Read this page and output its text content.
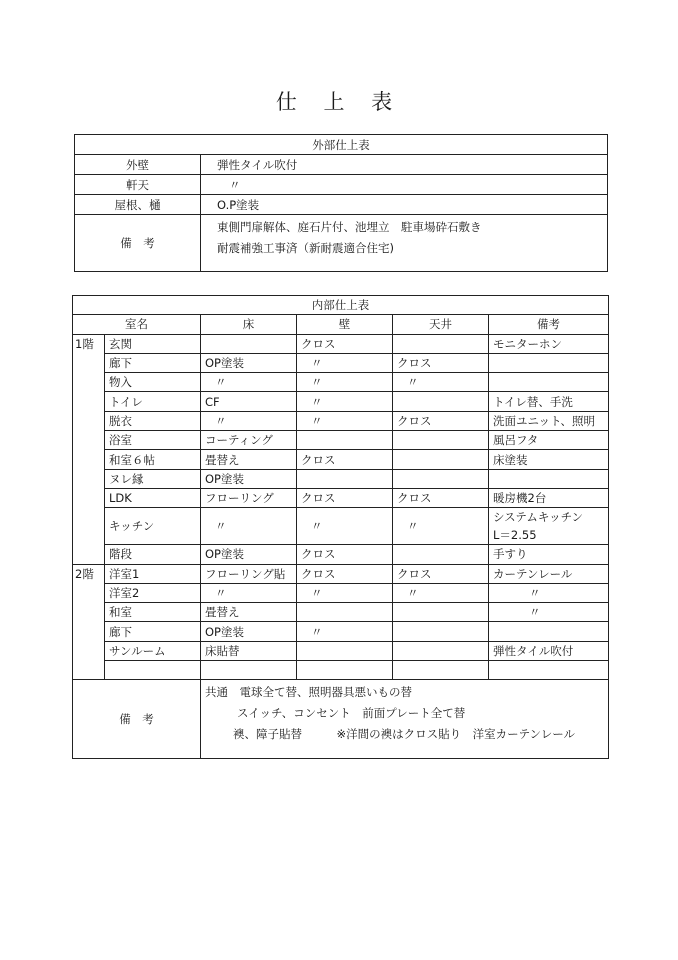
仕 上 表
外部仕上表	
外壁	弾性タイル吹付
軒天	〃
屋根、樋	O.P塗装
備　考	東側門扉解体、庭石片付、池埋立　駐車場砕石敷き
耐震補強工事済（新耐震適合住宅)
内部仕上表					
室名		床	壁	天井	備考
1階	玄関		クロス		モニターホン
	廊下	OP塗装	〃	クロス	
	物入	〃	〃	〃	
	トイレ	CF	〃		トイレ替、手洗
	脱衣	〃	〃	クロス	洗面ユニット、照明
	浴室	コーティング			風呂フタ
	和室６帖	畳替え	クロス		床塗装
	ヌレ縁	OP塗装			
	LDK	フローリング	クロス	クロス	暖房機2台
	キッチン	〃	〃	〃	システムキッチン
L＝2.55

	階段	OP塗装	クロス		手すり
2階	洋室1	フローリング貼	クロス	クロス	カーテンレール
	洋室2	〃	〃	〃	〃
	和室	畳替え			〃
	廊下	OP塗装	〃		
	サンルーム	床貼替			弾性タイル吹付

備　考		共通　電球全て替、照明器具悪いもの替
スイッチ、コンセント　前面プレート全て替
襖、障子貼替　　　※洋間の襖はクロス貼り　洋室カーテンレール			
